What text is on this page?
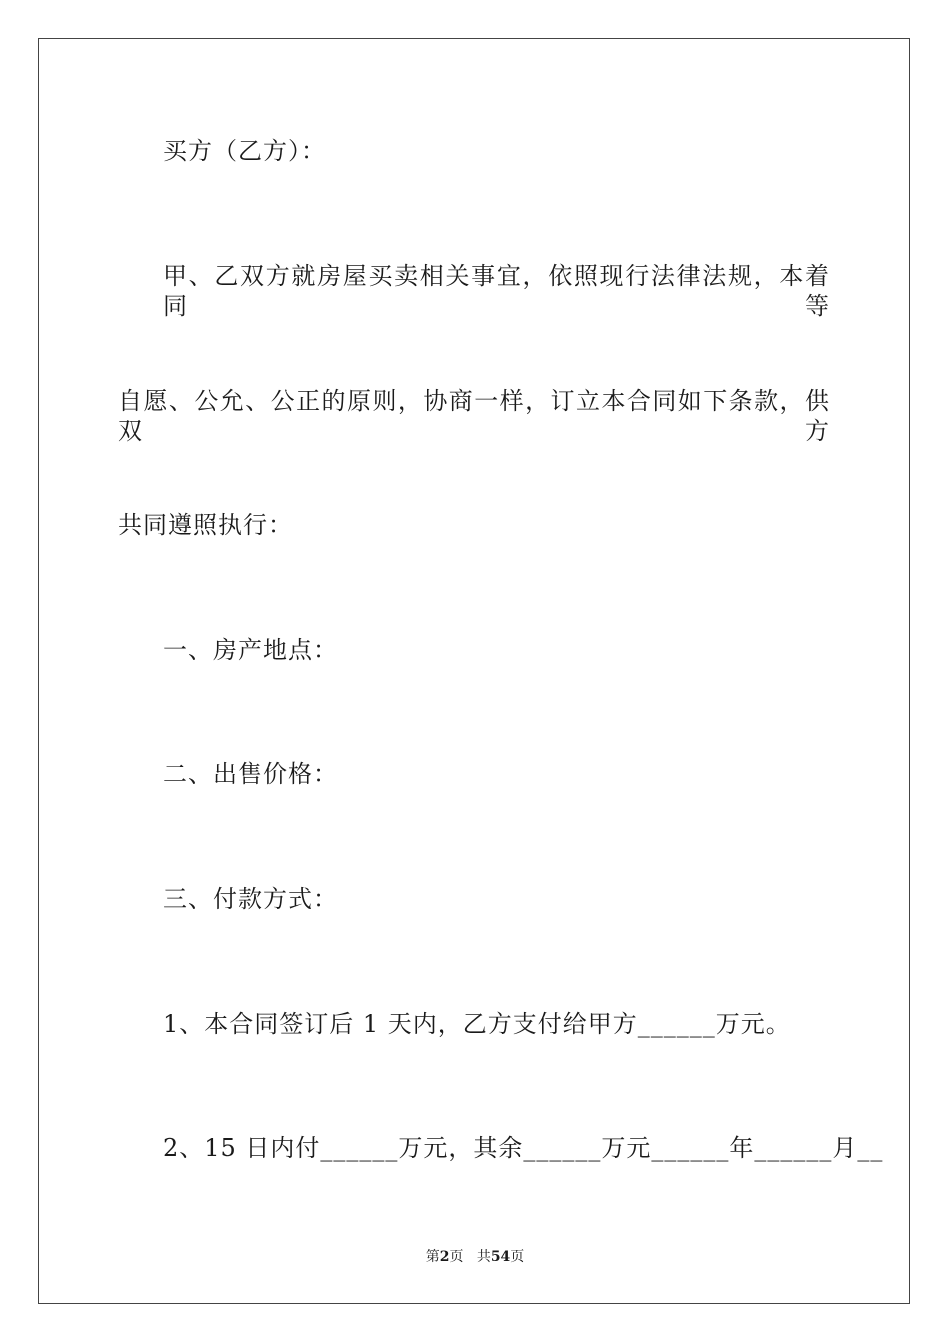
买方（乙方）：
甲、乙双方就房屋买卖相关事宜，依照现行法律法规，本着同等
自愿、公允、公正的原则，协商一样，订立本合同如下条款，供双方
共同遵照执行：
一、房产地点：
二、出售价格：
三、付款方式：
1、本合同签订后 1 天内，乙方支付给甲方______万元。
2、15 日内付______万元，其余______万元______年______月__
第2页 共54页
